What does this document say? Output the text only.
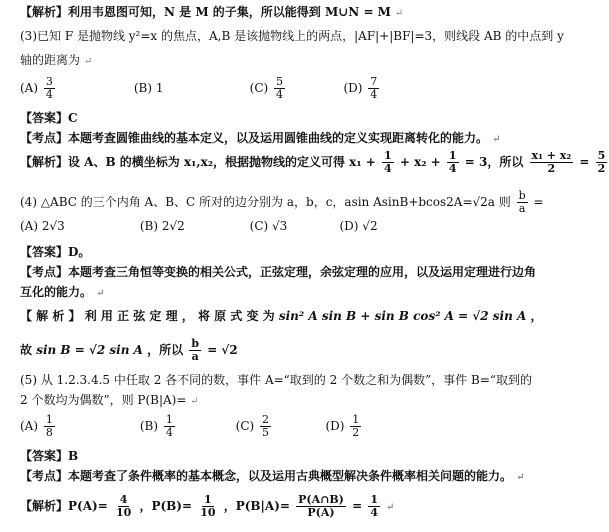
【解析】利用韦恩图可知，N 是 M 的子集，所以能得到 M∪N = M ↵
(3)已知 F 是抛物线 y²=x 的焦点，A,B 是该抛物线上的两点，|AF|+|BF|=3，则线段 AB 的中点到 y
轴的距离为 ↵
$(A) \frac{3}{4}$	(B) 1	$(C) \frac{5}{4}$	$(D) \frac{7}{4}$
【答案】C
【考点】本题考查圆锥曲线的基本定义，以及运用圆锥曲线的定义实现距离转化的能力。 ↵
【解析】设 A、B 的横坐标为 x₁,x₂，根据抛物线的定义可得 $x_1 + \frac{1}{4} + x_2 + \frac{1}{4} = 3$，所以 $\frac{\text{x₁ + x₂}}{2} = \frac{5}{2}$
(4) △ABC 的三个内角 A、B、C 所对的边分别为 a，b，c，asin AsinB+bcos2A=√2a 则 $\frac{b}{a}$ =
(A) 2√3	(B) 2√2	(C) √3	(D) √2
【答案】D。
【考点】本题考查三角恒等变换的相关公式，正弦定理，余弦定理的应用，以及运用定理进行边角
互化的能力。 ↵
【 解 析 】 利 用 正 弦 定 理 ， 将 原 式 变 为 sin² A sin B + sin B cos² A = √2 sin A ，
故 sin B = √2 sin A ，所以 $\frac{b}{a} = √2$
(5) 从 1.2.3.4.5 中任取 2 各不同的数，事件 A=“取到的 2 个数之和为偶数”，事件 B=“取到的
2 个数均为偶数”，则 P(B|A)= ↵
$(A) \frac{1}{8}$	$(B) \frac{1}{4}$	$(C) \frac{2}{5}$	$(D) \frac{1}{2}$
【答案】B
【考点】本题考查了条件概率的基本概念，以及运用古典概型解决条件概率相关问题的能力。 ↵
【解析】$P(A)= \frac{4}{10}$ ，$P(B)= \frac{1}{10}$ ，$P(B|A)= \frac{P(A\cap B)}{P(A)} = \frac{1}{4}$ ↵
